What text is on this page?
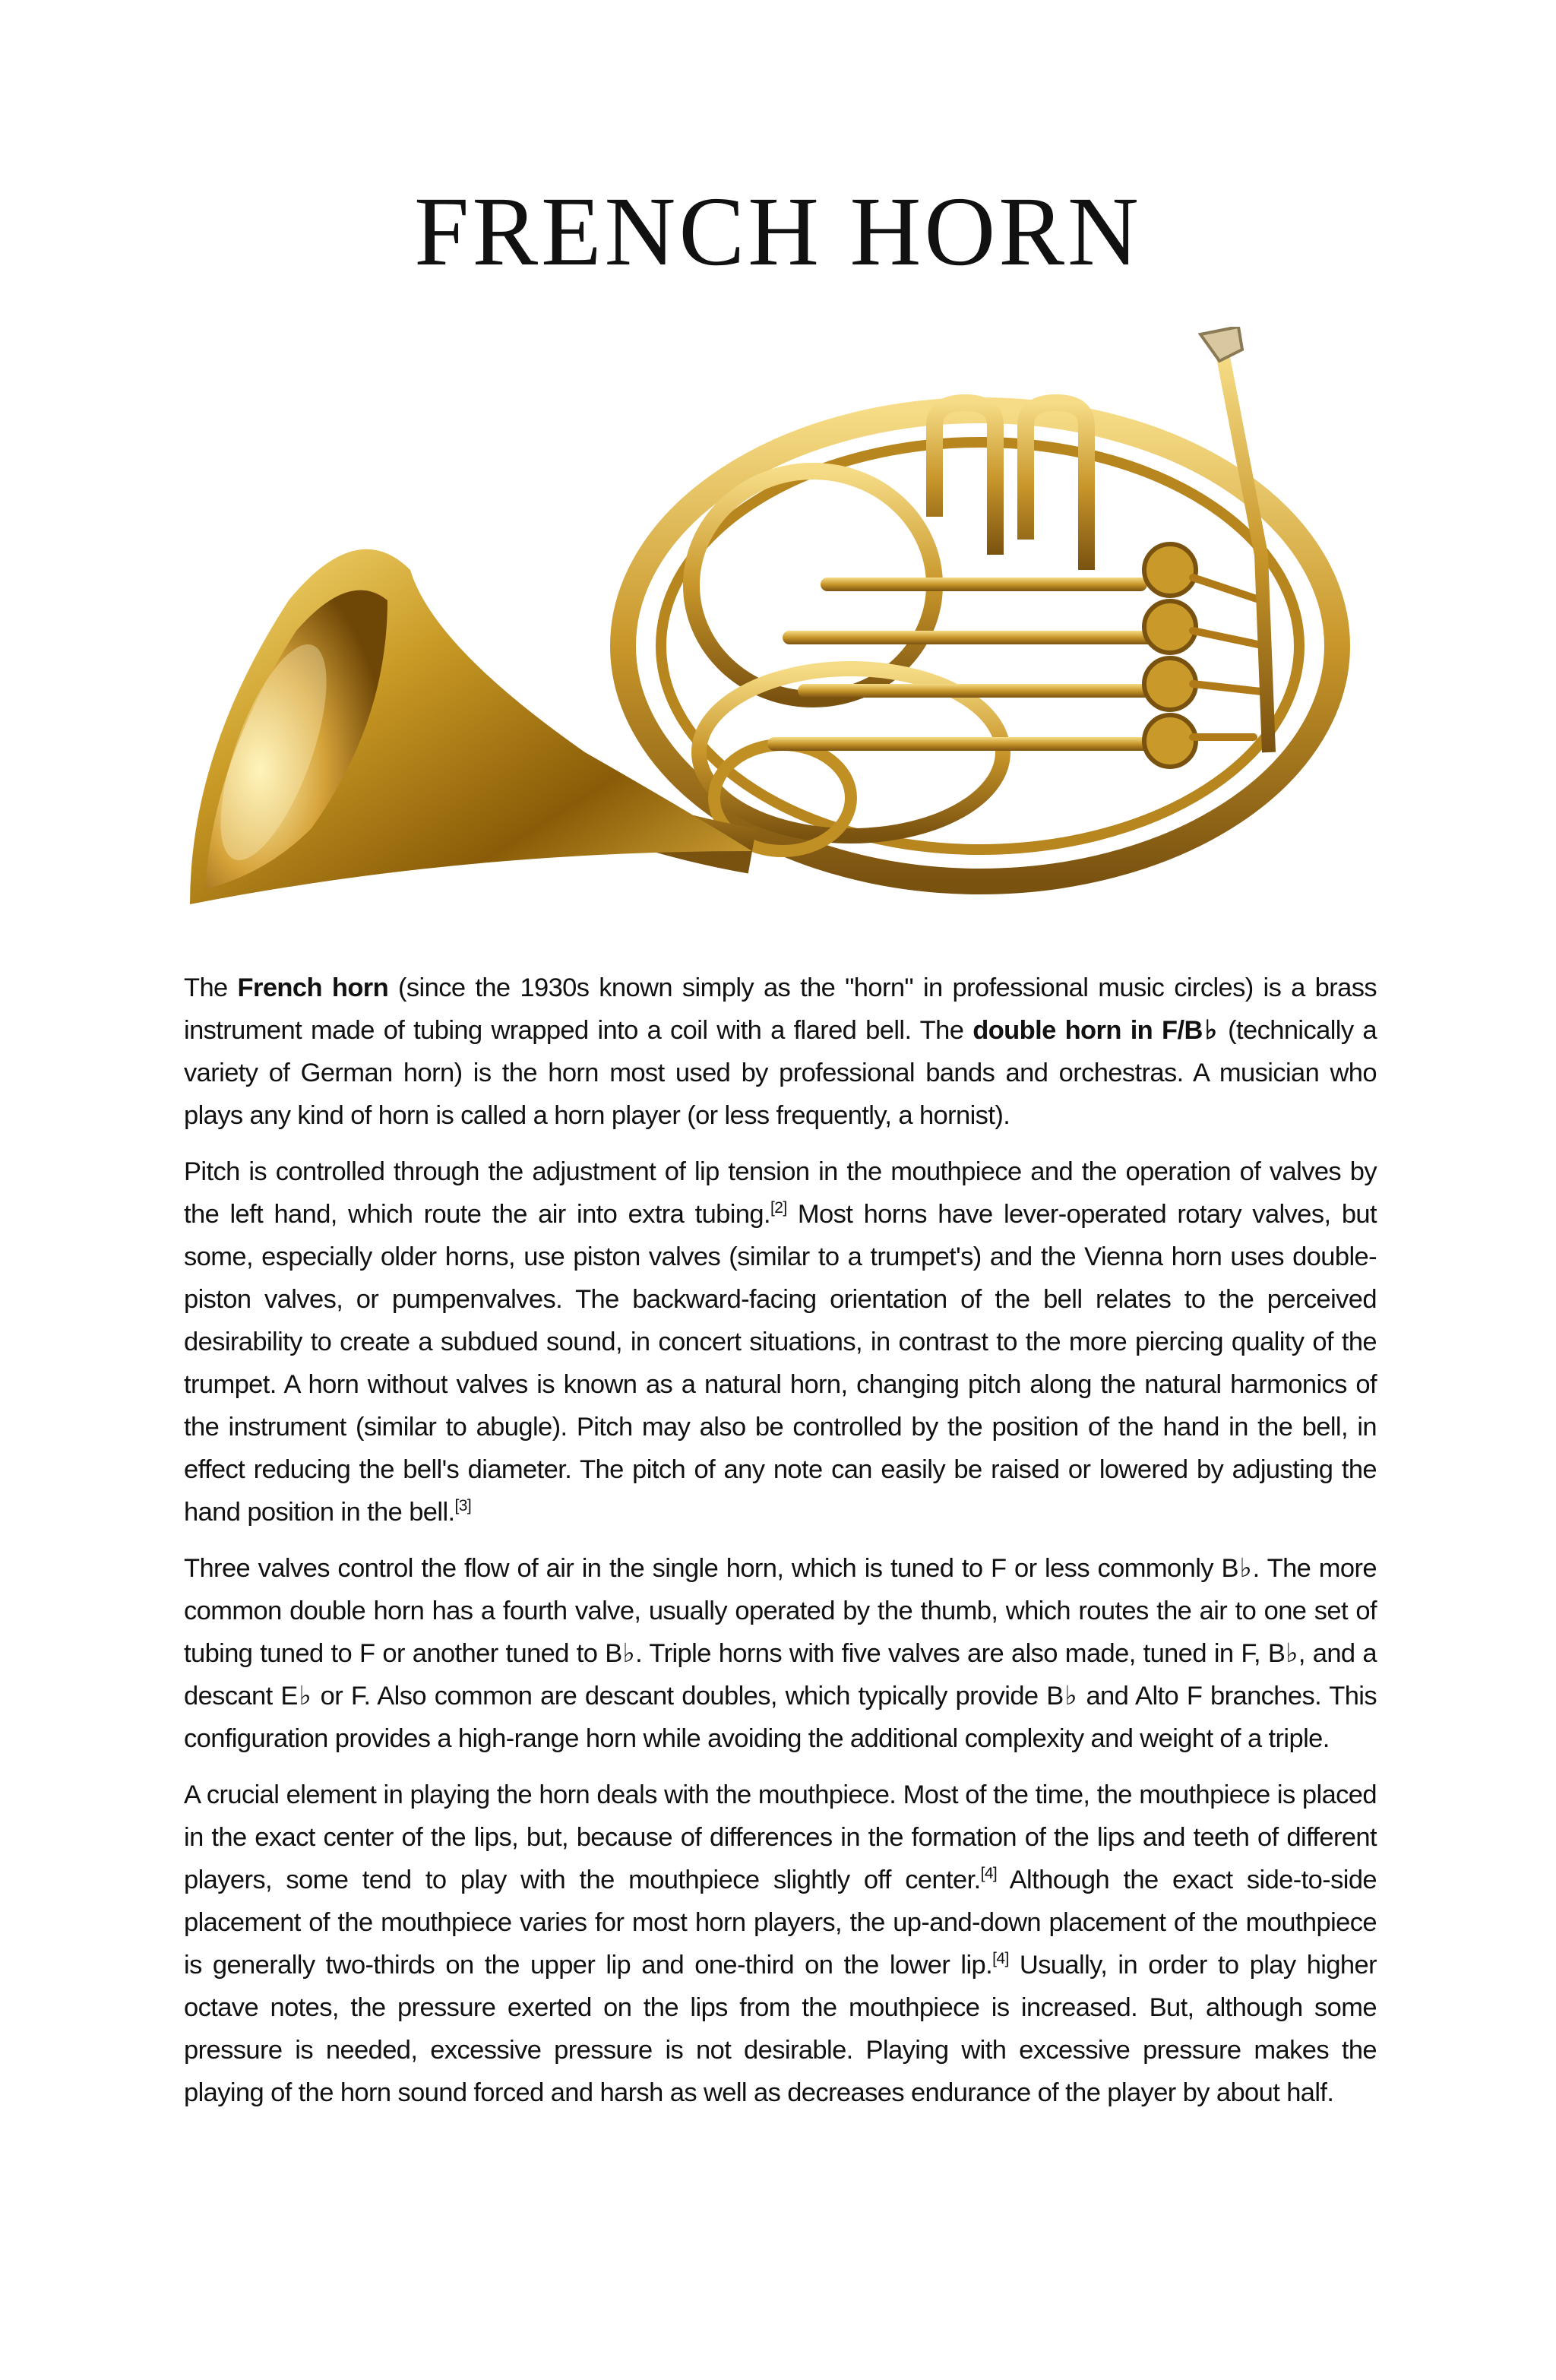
FRENCH HORN

The French horn (since the 1930s known simply as the "horn" in professional music circles) is a brass instrument made of tubing wrapped into a coil with a flared bell. The double horn in F/B♭ (technically a variety of German horn) is the horn most used by professional bands and orchestras. A musician who plays any kind of horn is called a horn player (or less frequently, a hornist).

Pitch is controlled through the adjustment of lip tension in the mouthpiece and the operation of valves by the left hand, which route the air into extra tubing.[2] Most horns have lever-operated rotary valves, but some, especially older horns, use piston valves (similar to a trumpet's) and the Vienna horn uses double-piston valves, or pumpenvalves. The backward-facing orientation of the bell relates to the perceived desirability to create a subdued sound, in concert situations, in contrast to the more piercing quality of the trumpet. A horn without valves is known as a natural horn, changing pitch along the natural harmonics of the instrument (similar to abugle). Pitch may also be controlled by the position of the hand in the bell, in effect reducing the bell's diameter. The pitch of any note can easily be raised or lowered by adjusting the hand position in the bell.[3]

Three valves control the flow of air in the single horn, which is tuned to F or less commonly B♭. The more common double horn has a fourth valve, usually operated by the thumb, which routes the air to one set of tubing tuned to F or another tuned to B♭. Triple horns with five valves are also made, tuned in F, B♭, and a descant E♭ or F. Also common are descant doubles, which typically provide B♭ and Alto F branches. This configuration provides a high-range horn while avoiding the additional complexity and weight of a triple.

A crucial element in playing the horn deals with the mouthpiece. Most of the time, the mouthpiece is placed in the exact center of the lips, but, because of differences in the formation of the lips and teeth of different players, some tend to play with the mouthpiece slightly off center.[4] Although the exact side-to-side placement of the mouthpiece varies for most horn players, the up-and-down placement of the mouthpiece is generally two-thirds on the upper lip and one-third on the lower lip.[4] Usually, in order to play higher octave notes, the pressure exerted on the lips from the mouthpiece is increased. But, although some pressure is needed, excessive pressure is not desirable. Playing with excessive pressure makes the playing of the horn sound forced and harsh as well as decreases endurance of the player by about half.
